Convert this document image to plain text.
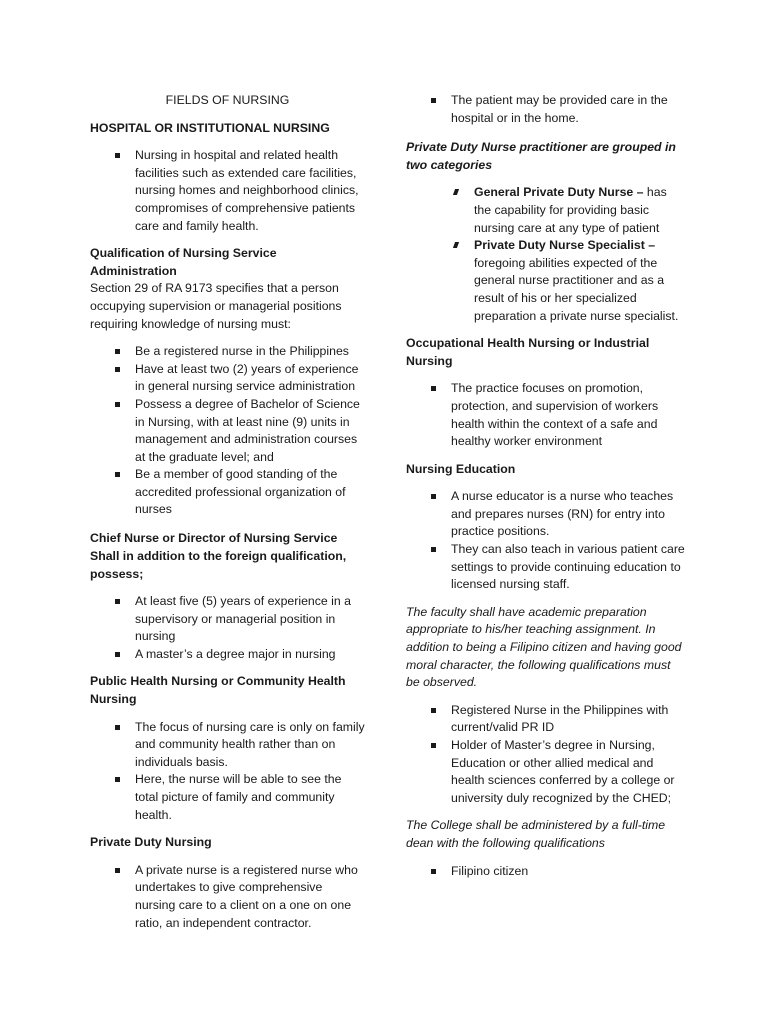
FIELDS OF NURSING
HOSPITAL OR INSTITUTIONAL NURSING
Nursing in hospital and related health facilities such as extended care facilities, nursing homes and neighborhood clinics, compromises of comprehensive patients care and family health.
Qualification of Nursing Service Administration
Section 29 of RA 9173 specifies that a person occupying supervision or managerial positions requiring knowledge of nursing must:
Be a registered nurse in the Philippines
Have at least two (2) years of experience in general nursing service administration
Possess a degree of Bachelor of Science in Nursing, with at least nine (9) units in management and administration courses at the graduate level; and
Be a member of good standing of the accredited professional organization of nurses
Chief Nurse or Director of Nursing Service Shall in addition to the foreign qualification, possess;
At least five (5) years of experience in a supervisory or managerial position in nursing
A master’s a degree major in nursing
Public Health Nursing or Community Health Nursing
The focus of nursing care is only on family and community health rather than on individuals basis.
Here, the nurse will be able to see the total picture of family and community health.
Private Duty Nursing
A private nurse is a registered nurse who undertakes to give comprehensive nursing care to a client on a one on one ratio, an independent contractor.
The patient may be provided care in the hospital or in the home.
Private Duty Nurse practitioner are grouped in two categories
General Private Duty Nurse – has the capability for providing basic nursing care at any type of patient
Private Duty Nurse Specialist – foregoing abilities expected of the general nurse practitioner and as a result of his or her specialized preparation a private nurse specialist.
Occupational Health Nursing or Industrial Nursing
The practice focuses on promotion, protection, and supervision of workers health within the context of a safe and healthy worker environment
Nursing Education
A nurse educator is a nurse who teaches and prepares nurses (RN) for entry into practice positions.
They can also teach in various patient care settings to provide continuing education to licensed nursing staff.
The faculty shall have academic preparation appropriate to his/her teaching assignment. In addition to being a Filipino citizen and having good moral character, the following qualifications must be observed.
Registered Nurse in the Philippines with current/valid PR ID
Holder of Master’s degree in Nursing, Education or other allied medical and health sciences conferred by a college or university duly recognized by the CHED;
The College shall be administered by a full-time dean with the following qualifications
Filipino citizen
